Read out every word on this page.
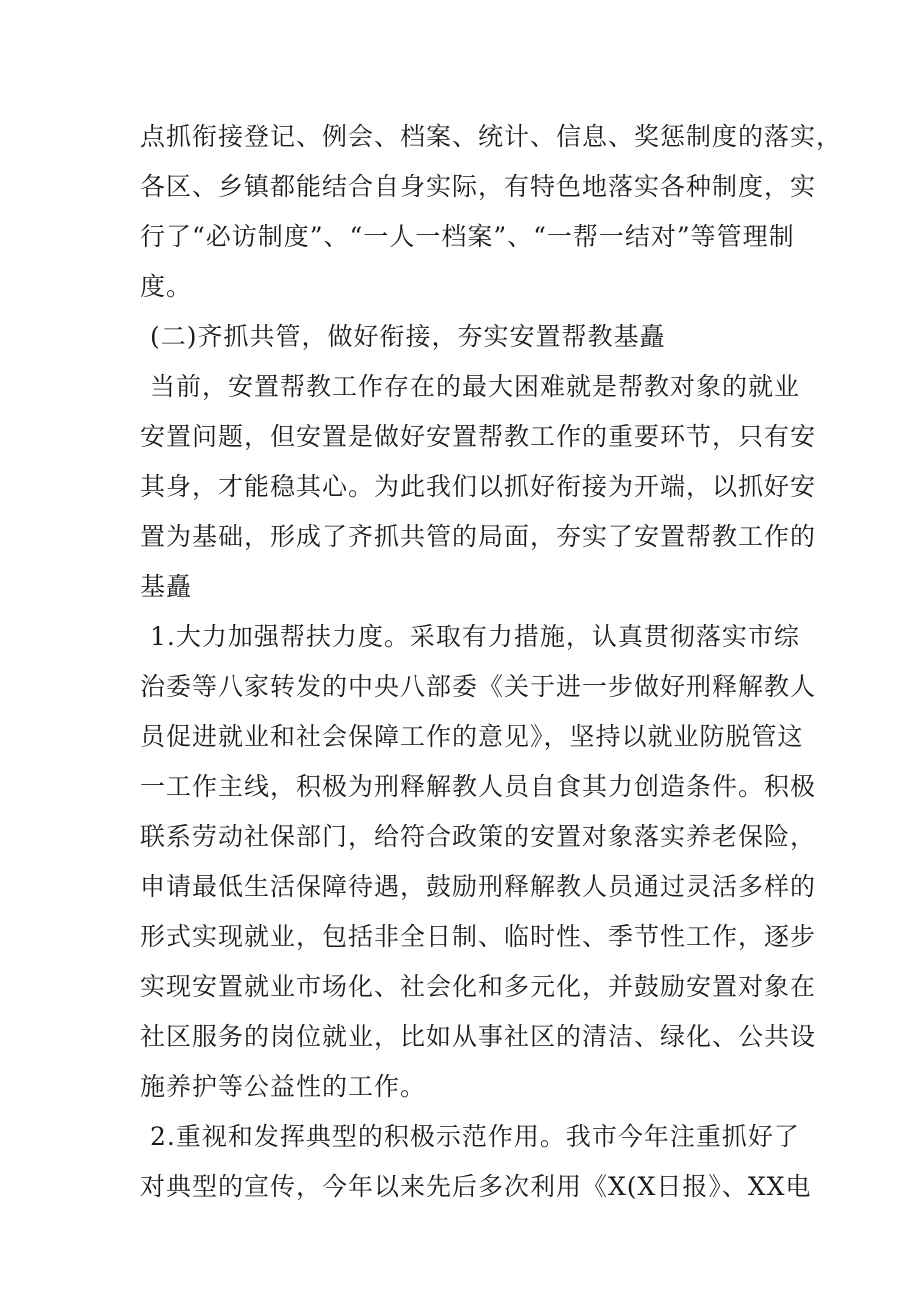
点抓衔接登记、例会、档案、统计、信息、奖惩制度的落实，
各区、乡镇都能结合自身实际，有特色地落实各种制度，实
行了“必访制度”、“一人一档案”、“一帮一结对”等管理制
度。
(二)齐抓共管，做好衔接，夯实安置帮教基矗
当前，安置帮教工作存在的最大困难就是帮教对象的就业
安置问题，但安置是做好安置帮教工作的重要环节，只有安
其身，才能稳其心。为此我们以抓好衔接为开端，以抓好安
置为基础，形成了齐抓共管的局面，夯实了安置帮教工作的
基矗
1.大力加强帮扶力度。采取有力措施，认真贯彻落实市综
治委等八家转发的中央八部委《关于进一步做好刑释解教人
员促进就业和社会保障工作的意见》，坚持以就业防脱管这
一工作主线，积极为刑释解教人员自食其力创造条件。积极
联系劳动社保部门，给符合政策的安置对象落实养老保险，
申请最低生活保障待遇，鼓励刑释解教人员通过灵活多样的
形式实现就业，包括非全日制、临时性、季节性工作，逐步
实现安置就业市场化、社会化和多元化，并鼓励安置对象在
社区服务的岗位就业，比如从事社区的清洁、绿化、公共设
施养护等公益性的工作。
2.重视和发挥典型的积极示范作用。我市今年注重抓好了
对典型的宣传，今年以来先后多次利用《X(X日报》、XX电
